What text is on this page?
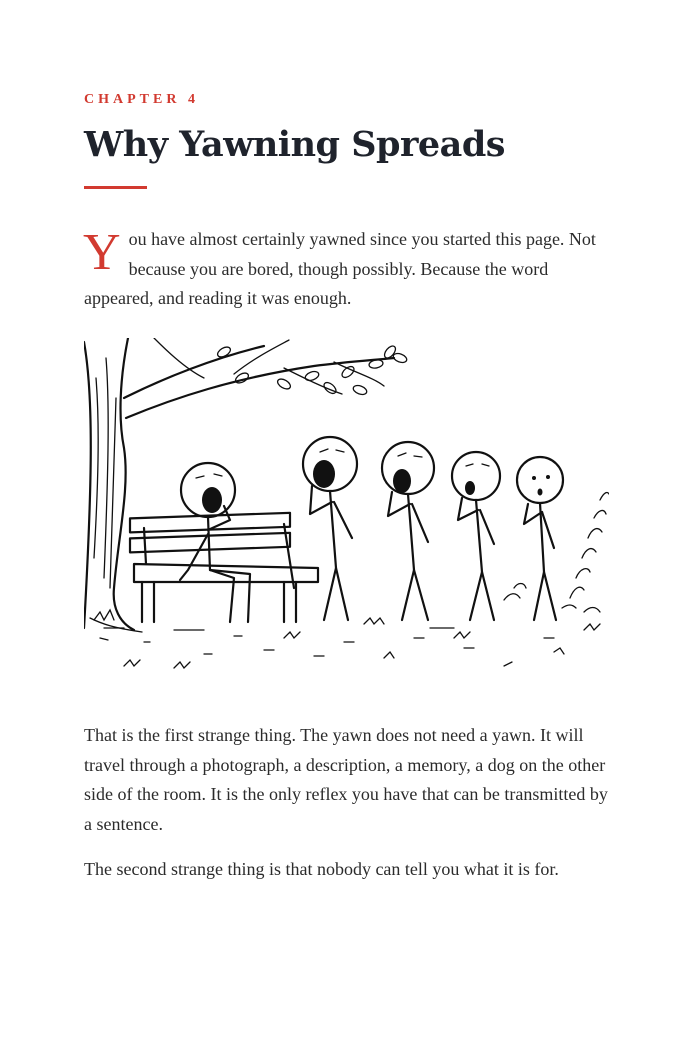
CHAPTER 4

Why Yawning Spreads

You have almost certainly yawned since you started this page. Not because you are bored, though possibly. Because the word appeared, and reading it was enough.

That is the first strange thing. The yawn does not need a yawn. It will travel through a photograph, a description, a memory, a dog on the other side of the room. It is the only reflex you have that can be transmitted by a sentence.

The second strange thing is that nobody can tell you what it is for.
